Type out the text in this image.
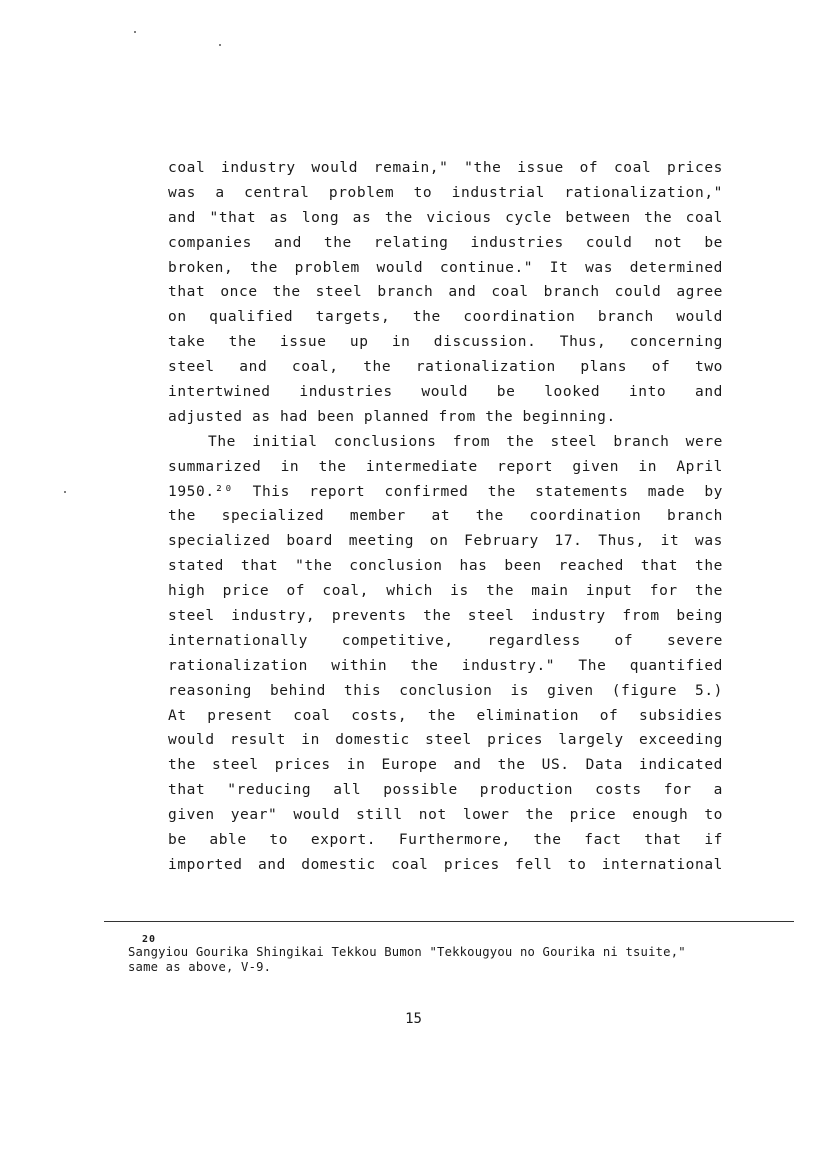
coal industry would remain," "the issue of coal prices
was a central problem to industrial rationalization,"
and "that as long as the vicious cycle between the coal
companies and the relating industries could not be
broken, the problem would continue." It was determined
that once the steel branch and coal branch could agree
on qualified targets, the coordination branch would
take the issue up in discussion. Thus, concerning
steel and coal, the rationalization plans of two
intertwined industries would be looked into and
adjusted as had been planned from the beginning.
The initial conclusions from the steel branch were
summarized in the intermediate report given in April
1950.²⁰ This report confirmed the statements made by
the specialized member at the coordination branch
specialized board meeting on February 17. Thus, it was
stated that "the conclusion has been reached that the
high price of coal, which is the main input for the
steel industry, prevents the steel industry from being
internationally competitive, regardless of severe
rationalization within the industry." The quantified
reasoning behind this conclusion is given (figure 5.)
At present coal costs, the elimination of subsidies
would result in domestic steel prices largely exceeding
the steel prices in Europe and the US. Data indicated
that "reducing all possible production costs for a
given year" would still not lower the price enough to
be able to export. Furthermore, the fact that if
imported and domestic coal prices fell to international
20
Sangyiou Gourika Shingikai Tekkou Bumon "Tekkougyou no Gourika ni tsuite,"
same as above, V-9.
15
